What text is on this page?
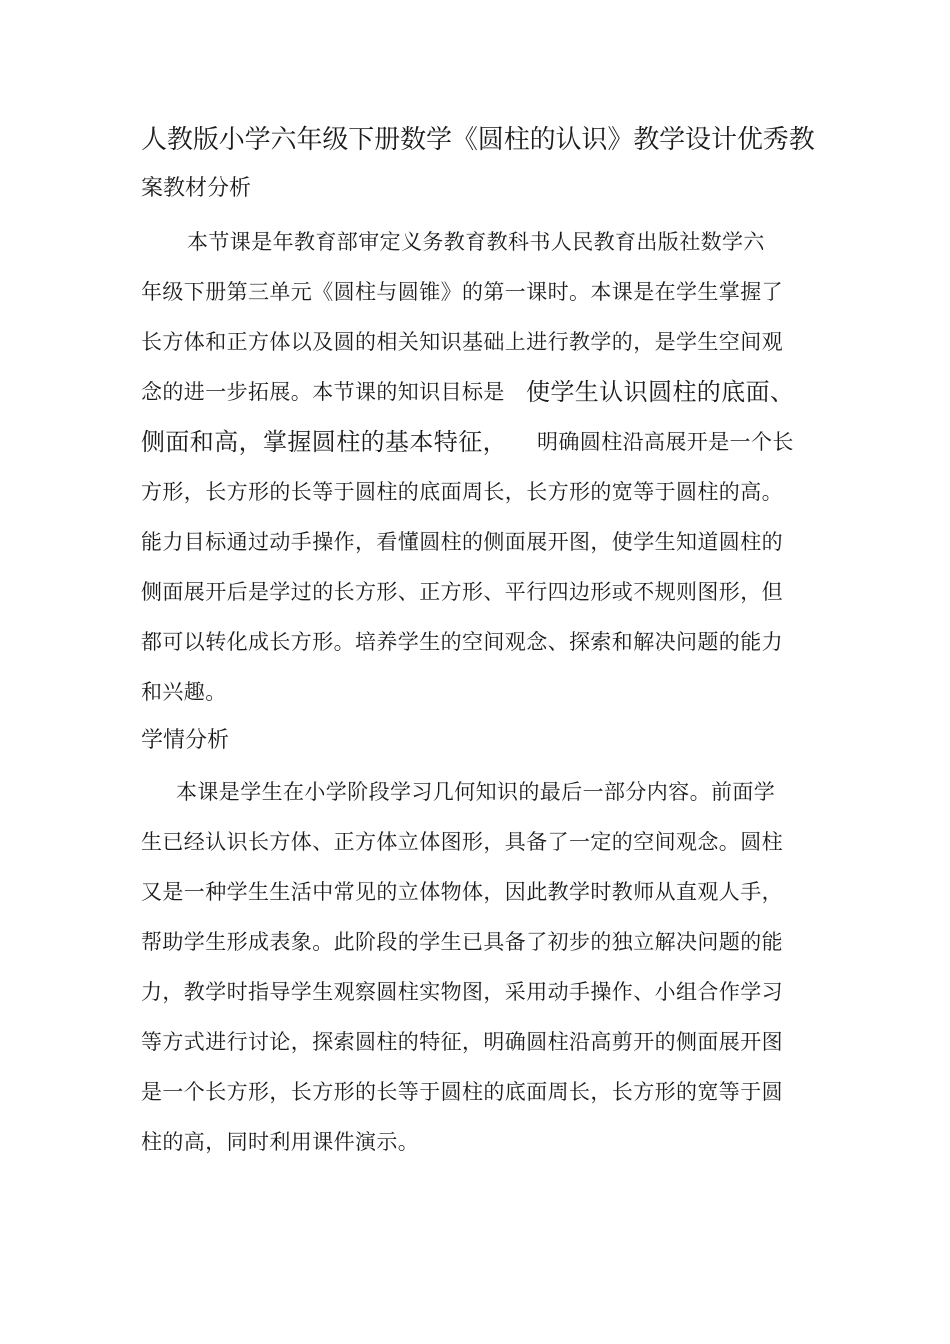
人教版小学六年级下册数学《圆柱的认识》教学设计优秀教
案教材分析
本节课是年教育部审定义务教育教科书人民教育出版社数学六
年级下册第三单元《圆柱与圆锥》的第一课时。本课是在学生掌握了
长方体和正方体以及圆的相关知识基础上进行教学的，是学生空间观
念的进一步拓展。本节课的知识目标是 使学生认识圆柱的底面、
侧面和高，掌握圆柱的基本特征， 明确圆柱沿高展开是一个长
方形，长方形的长等于圆柱的底面周长，长方形的宽等于圆柱的高。
能力目标通过动手操作，看懂圆柱的侧面展开图，使学生知道圆柱的
侧面展开后是学过的长方形、正方形、平行四边形或不规则图形，但
都可以转化成长方形。培养学生的空间观念、探索和解决问题的能力
和兴趣。
学情分析
本课是学生在小学阶段学习几何知识的最后一部分内容。前面学
生已经认识长方体、正方体立体图形，具备了一定的空间观念。圆柱
又是一种学生生活中常见的立体物体，因此教学时教师从直观人手，
帮助学生形成表象。此阶段的学生已具备了初步的独立解决问题的能
力，教学时指导学生观察圆柱实物图，采用动手操作、小组合作学习
等方式进行讨论，探索圆柱的特征，明确圆柱沿高剪开的侧面展开图
是一个长方形，长方形的长等于圆柱的底面周长，长方形的宽等于圆
柱的高，同时利用课件演示。
